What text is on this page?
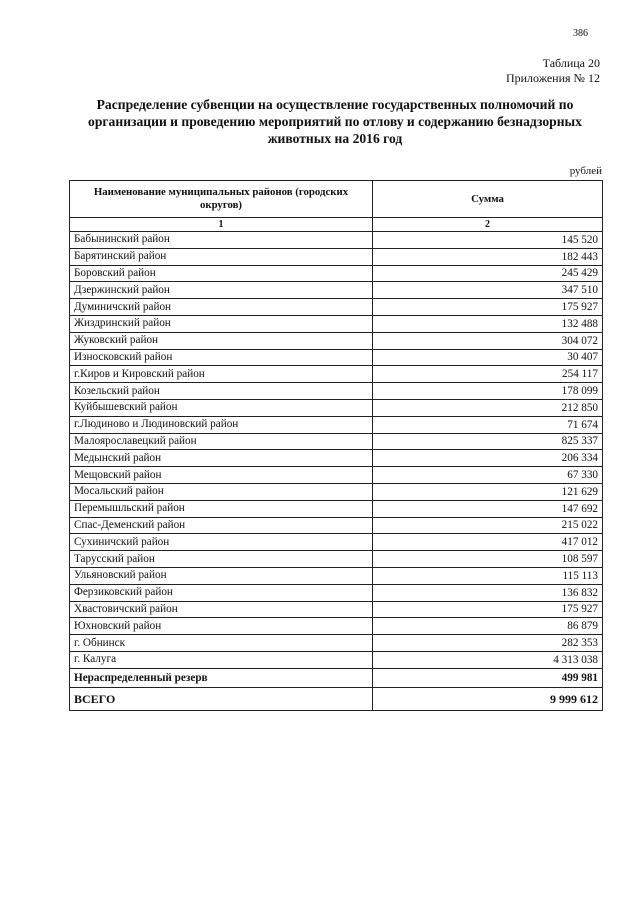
386
Таблица 20
Приложения № 12
Распределение субвенции на осуществление государственных полномочий по организации и проведению мероприятий по отлову и содержанию безнадзорных животных на 2016 год
рублей
Наименование муниципальных районов (городских округов)	Сумма
1	2
Бабынинский район	145 520
Барятинский район	182 443
Боровский район	245 429
Дзержинский район	347 510
Думиничский район	175 927
Жиздринский район	132 488
Жуковский район	304 072
Износковский район	30 407
г.Киров и Кировский район	254 117
Козельский район	178 099
Куйбышевский район	212 850
г.Людиново и Людиновский район	71 674
Малоярославецкий район	825 337
Медынский район	206 334
Мещовский район	67 330
Мосальский район	121 629
Перемышльский район	147 692
Спас-Деменский район	215 022
Сухиничский район	417 012
Тарусский район	108 597
Ульяновский район	115 113
Ферзиковский район	136 832
Хвастовичский район	175 927
Юхновский район	86 879
г. Обнинск	282 353
г. Калуга	4 313 038
Нераспределенный резерв	499 981
ВСЕГО	9 999 612
